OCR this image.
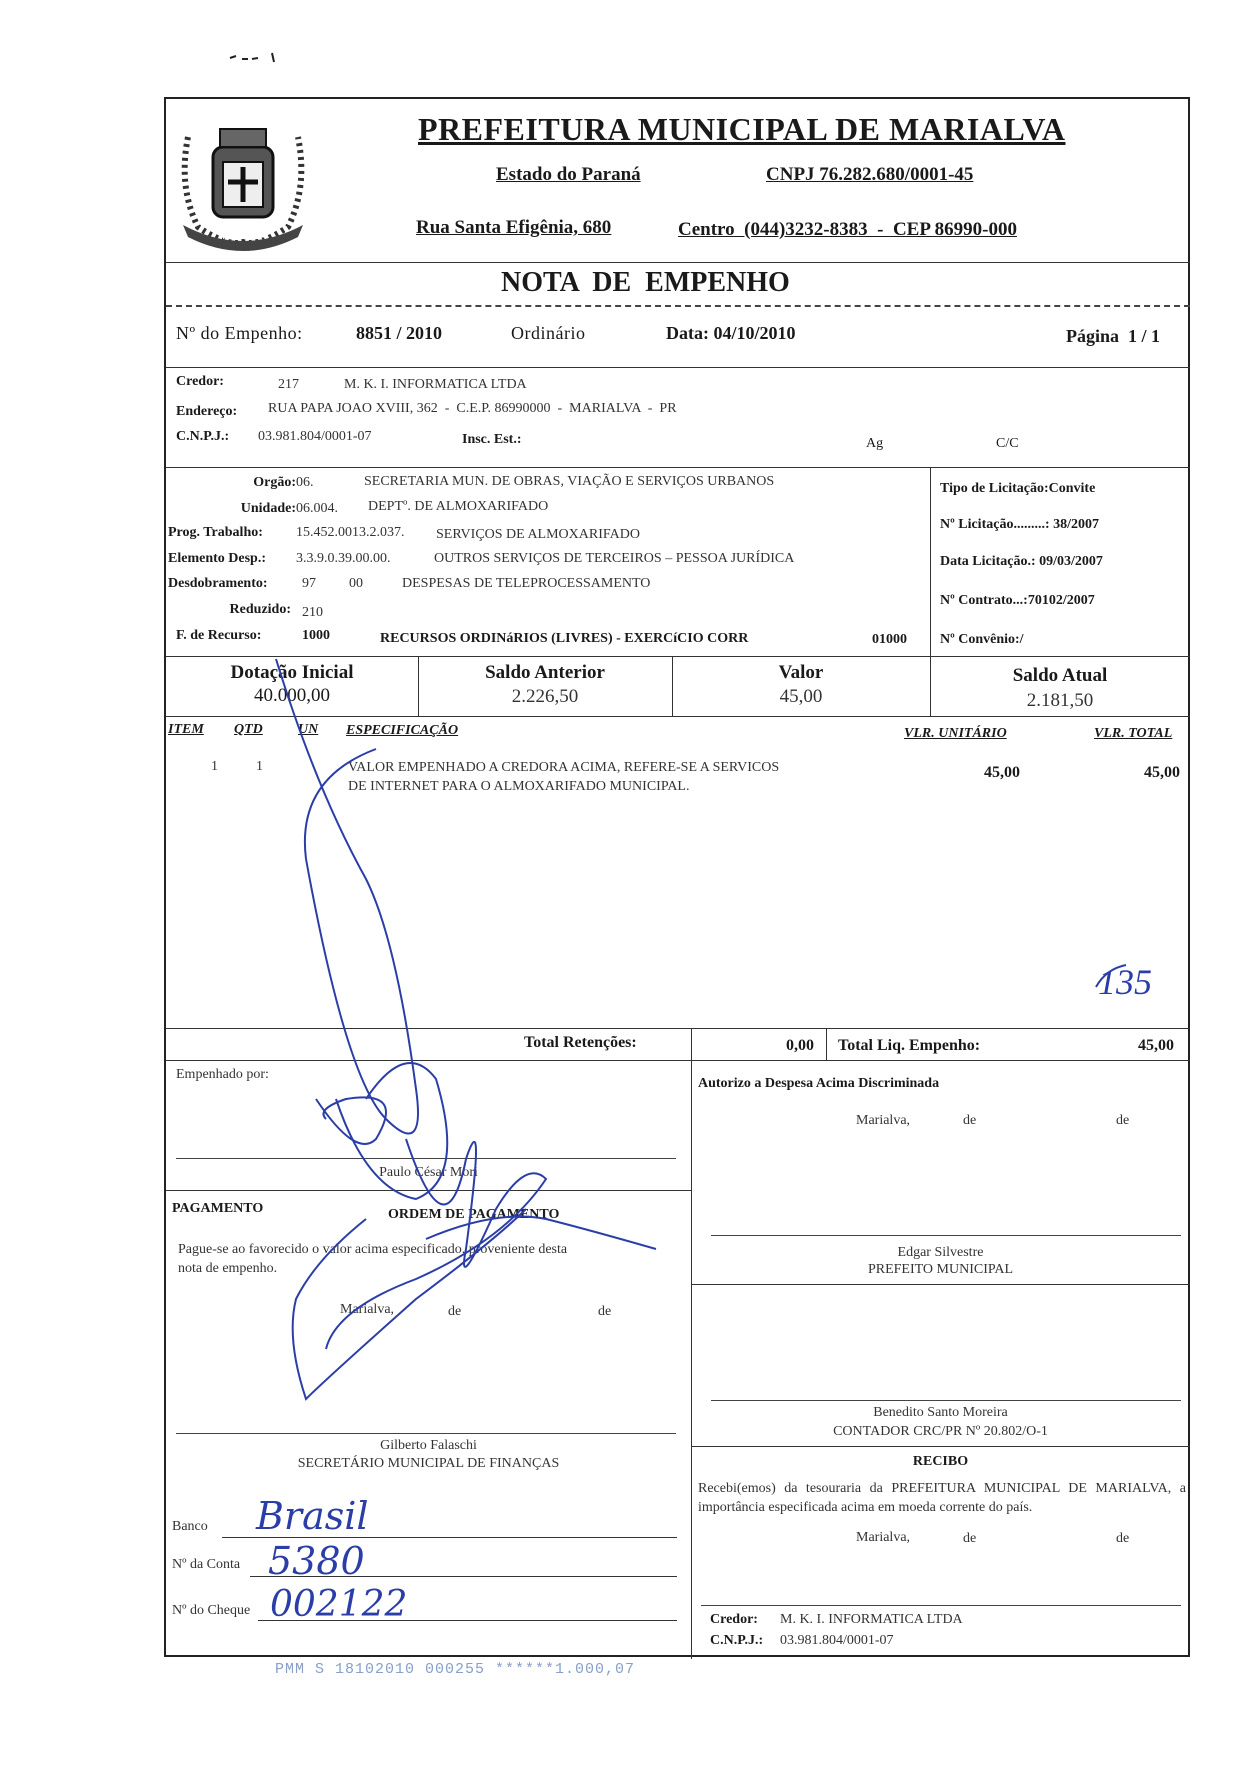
MARIALVA
PREFEITURA MUNICIPAL DE MARIALVA
Estado do Paraná	CNPJ 76.282.680/0001-45
Rua Santa Efigênia, 680	Centro  (044)3232-8383  -  CEP 86990-000
NOTA  DE  EMPENHO
Nº do Empenho:	8851 / 2010	Ordinário	Data: 04/10/2010	Página  1 / 1
Credor:	217	M. K. I. INFORMATICA LTDA
Endereço: RUA PAPA JOAO XVIII, 362  -  C.E.P. 86990000  -  MARIALVA  -  PR
C.N.P.J.: 03.981.804/0001-07	Insc. Est.:	Ag	C/C
Orgão: 06.	SECRETARIA MUN. DE OBRAS, VIAÇÃO E SERVIÇOS URBANOS
Unidade: 06.004. DEPTº. DE ALMOXARIFADO
Prog. Trabalho: 15.452.0013.2.037. SERVIÇOS DE ALMOXARIFADO
Elemento Desp.: 3.3.9.0.39.00.00.	OUTROS SERVIÇOS DE TERCEIROS – PESSOA JURÍDICA
Desdobramento: 97 00	DESPESAS DE TELEPROCESSAMENTO
Reduzido: 210
F. de Recurso:	1000	RECURSOS ORDINáRIOS (LIVRES) - EXERCíCIO CORR	01000
Tipo de Licitação:Convite
Nº Licitação.........: 38/2007
Data Licitação.: 09/03/2007
Nº Contrato...:70102/2007
Nº Convênio:/
Dotação Inicial
40.000,00
Saldo Anterior
2.226,50
Valor
45,00
Saldo Atual
2.181,50
ITEM QTD	UN ESPECIFICAÇÃO	VLR. UNITÁRIO	VLR. TOTAL
1	1	VALOR EMPENHADO A CREDORA ACIMA, REFERE-SE A SERVICOS
DE INTERNET PARA O ALMOXARIFADO MUNICIPAL.
45,00	45,00
135
Total Retenções:	0,00 Total Liq. Empenho:	45,00
Empenhado por:
Paulo César Mori
Autorizo a Despesa Acima Discriminada
Marialva,	de	de
Edgar Silvestre
PREFEITO MUNICIPAL
PAGAMENTO	ORDEM DE PAGAMENTO
Pague-se ao favorecido o valor acima especificado, proveniente desta
nota de empenho.
Marialva,	de	de
Gilberto Falaschi
SECRETÁRIO MUNICIPAL DE FINANÇAS
Benedito Santo Moreira
CONTADOR CRC/PR Nº 20.802/O-1
RECIBO
Recebi(emos) da tesouraria da PREFEITURA MUNICIPAL DE MARIALVA, a importância especificada acima em moeda corrente do país.
Marialva,	de	de
Credor: M. K. I. INFORMATICA LTDA
C.N.P.J.: 03.981.804/0001-07
Banco
Nº da Conta
Nº do Cheque
Brasil
5380
002122
PMM S 18102010 000255 ******1.000,07
